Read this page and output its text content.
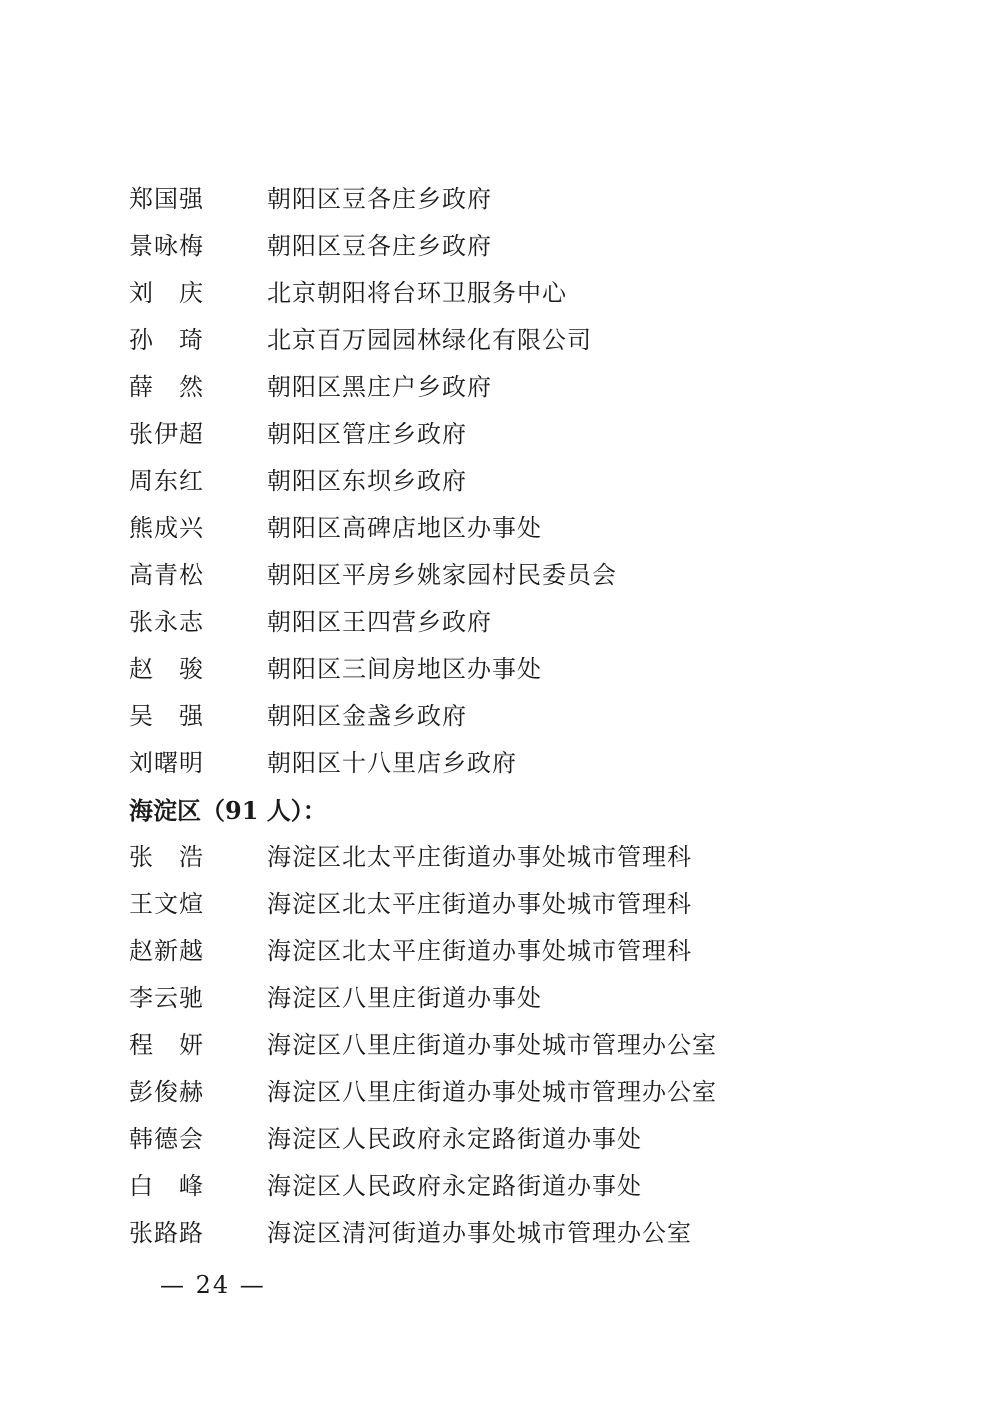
郑国强	朝阳区豆各庄乡政府
景咏梅	朝阳区豆各庄乡政府
刘　庆	北京朝阳将台环卫服务中心
孙　琦	北京百万园园林绿化有限公司
薛　然	朝阳区黑庄户乡政府
张伊超	朝阳区管庄乡政府
周东红	朝阳区东坝乡政府
熊成兴	朝阳区高碑店地区办事处
高青松	朝阳区平房乡姚家园村民委员会
张永志	朝阳区王四营乡政府
赵　骏	朝阳区三间房地区办事处
吴　强	朝阳区金盏乡政府
刘曙明	朝阳区十八里店乡政府
海淀区（91 人）：
张　浩	海淀区北太平庄街道办事处城市管理科
王文煊	海淀区北太平庄街道办事处城市管理科
赵新越	海淀区北太平庄街道办事处城市管理科
李云驰	海淀区八里庄街道办事处
程　妍	海淀区八里庄街道办事处城市管理办公室
彭俊赫	海淀区八里庄街道办事处城市管理办公室
韩德会	海淀区人民政府永定路街道办事处
白　峰	海淀区人民政府永定路街道办事处
张路路	海淀区清河街道办事处城市管理办公室
— 24 —
